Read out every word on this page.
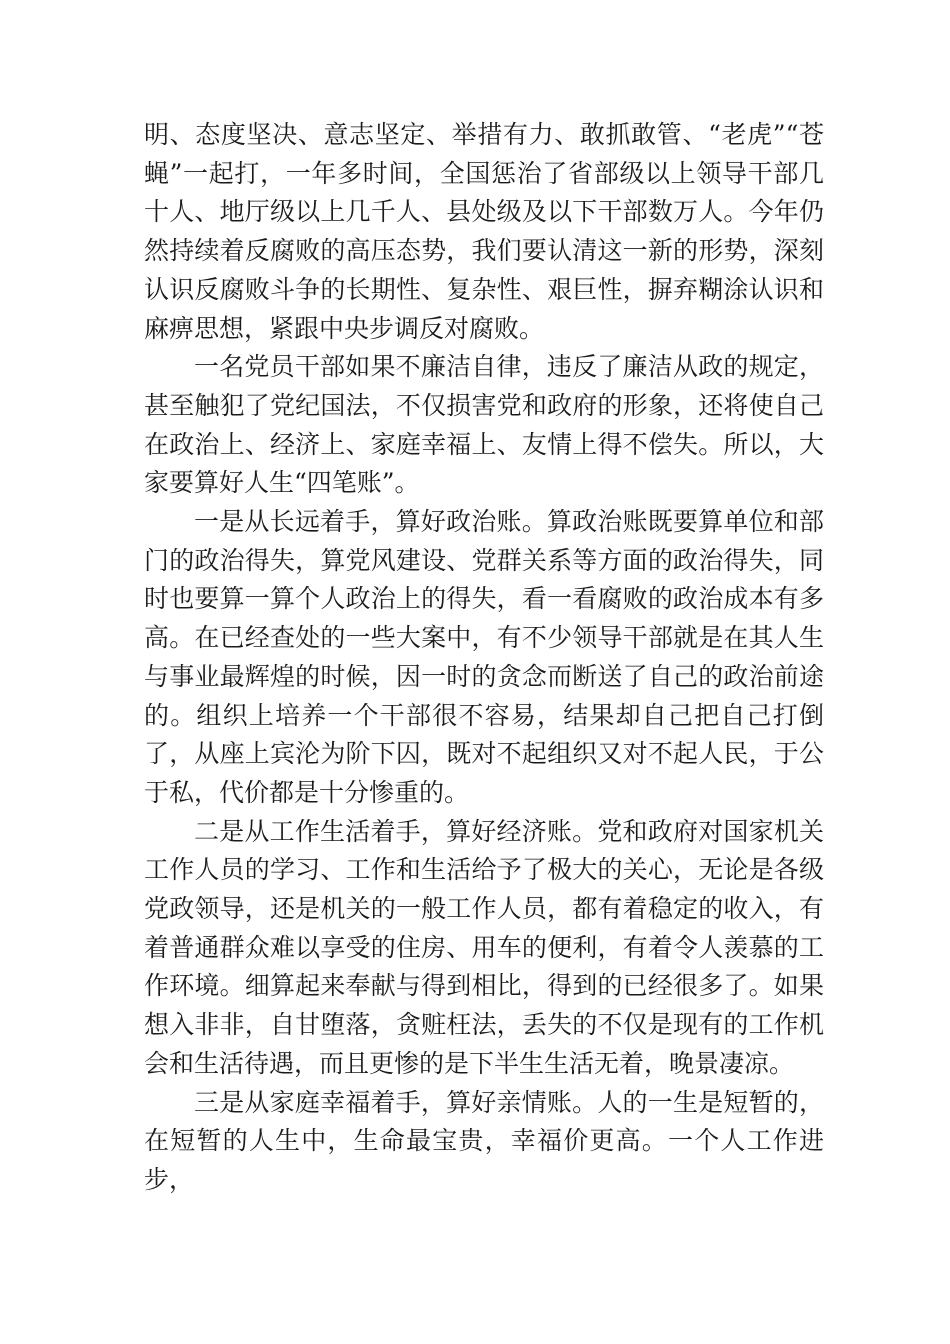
明、态度坚决、意志坚定、举措有力、敢抓敢管、“老虎”“苍蝇”一起打，一年多时间，全国惩治了省部级以上领导干部几十人、地厅级以上几千人、县处级及以下干部数万人。今年仍然持续着反腐败的高压态势，我们要认清这一新的形势，深刻认识反腐败斗争的长期性、复杂性、艰巨性，摒弃糊涂认识和麻痹思想，紧跟中央步调反对腐败。

一名党员干部如果不廉洁自律，违反了廉洁从政的规定，甚至触犯了党纪国法，不仅损害党和政府的形象，还将使自己在政治上、经济上、家庭幸福上、友情上得不偿失。所以，大家要算好人生“四笔账”。

一是从长远着手，算好政治账。算政治账既要算单位和部门的政治得失，算党风建设、党群关系等方面的政治得失，同时也要算一算个人政治上的得失，看一看腐败的政治成本有多高。在已经查处的一些大案中，有不少领导干部就是在其人生与事业最辉煌的时候，因一时的贪念而断送了自己的政治前途的。组织上培养一个干部很不容易，结果却自己把自己打倒了，从座上宾沦为阶下囚，既对不起组织又对不起人民，于公于私，代价都是十分惨重的。

二是从工作生活着手，算好经济账。党和政府对国家机关工作人员的学习、工作和生活给予了极大的关心，无论是各级党政领导，还是机关的一般工作人员，都有着稳定的收入，有着普通群众难以享受的住房、用车的便利，有着令人羡慕的工作环境。细算起来奉献与得到相比，得到的已经很多了。如果想入非非，自甘堕落，贪赃枉法，丢失的不仅是现有的工作机会和生活待遇，而且更惨的是下半生生活无着，晚景凄凉。

三是从家庭幸福着手，算好亲情账。人的一生是短暂的，在短暂的人生中，生命最宝贵，幸福价更高。一个人工作进步，
